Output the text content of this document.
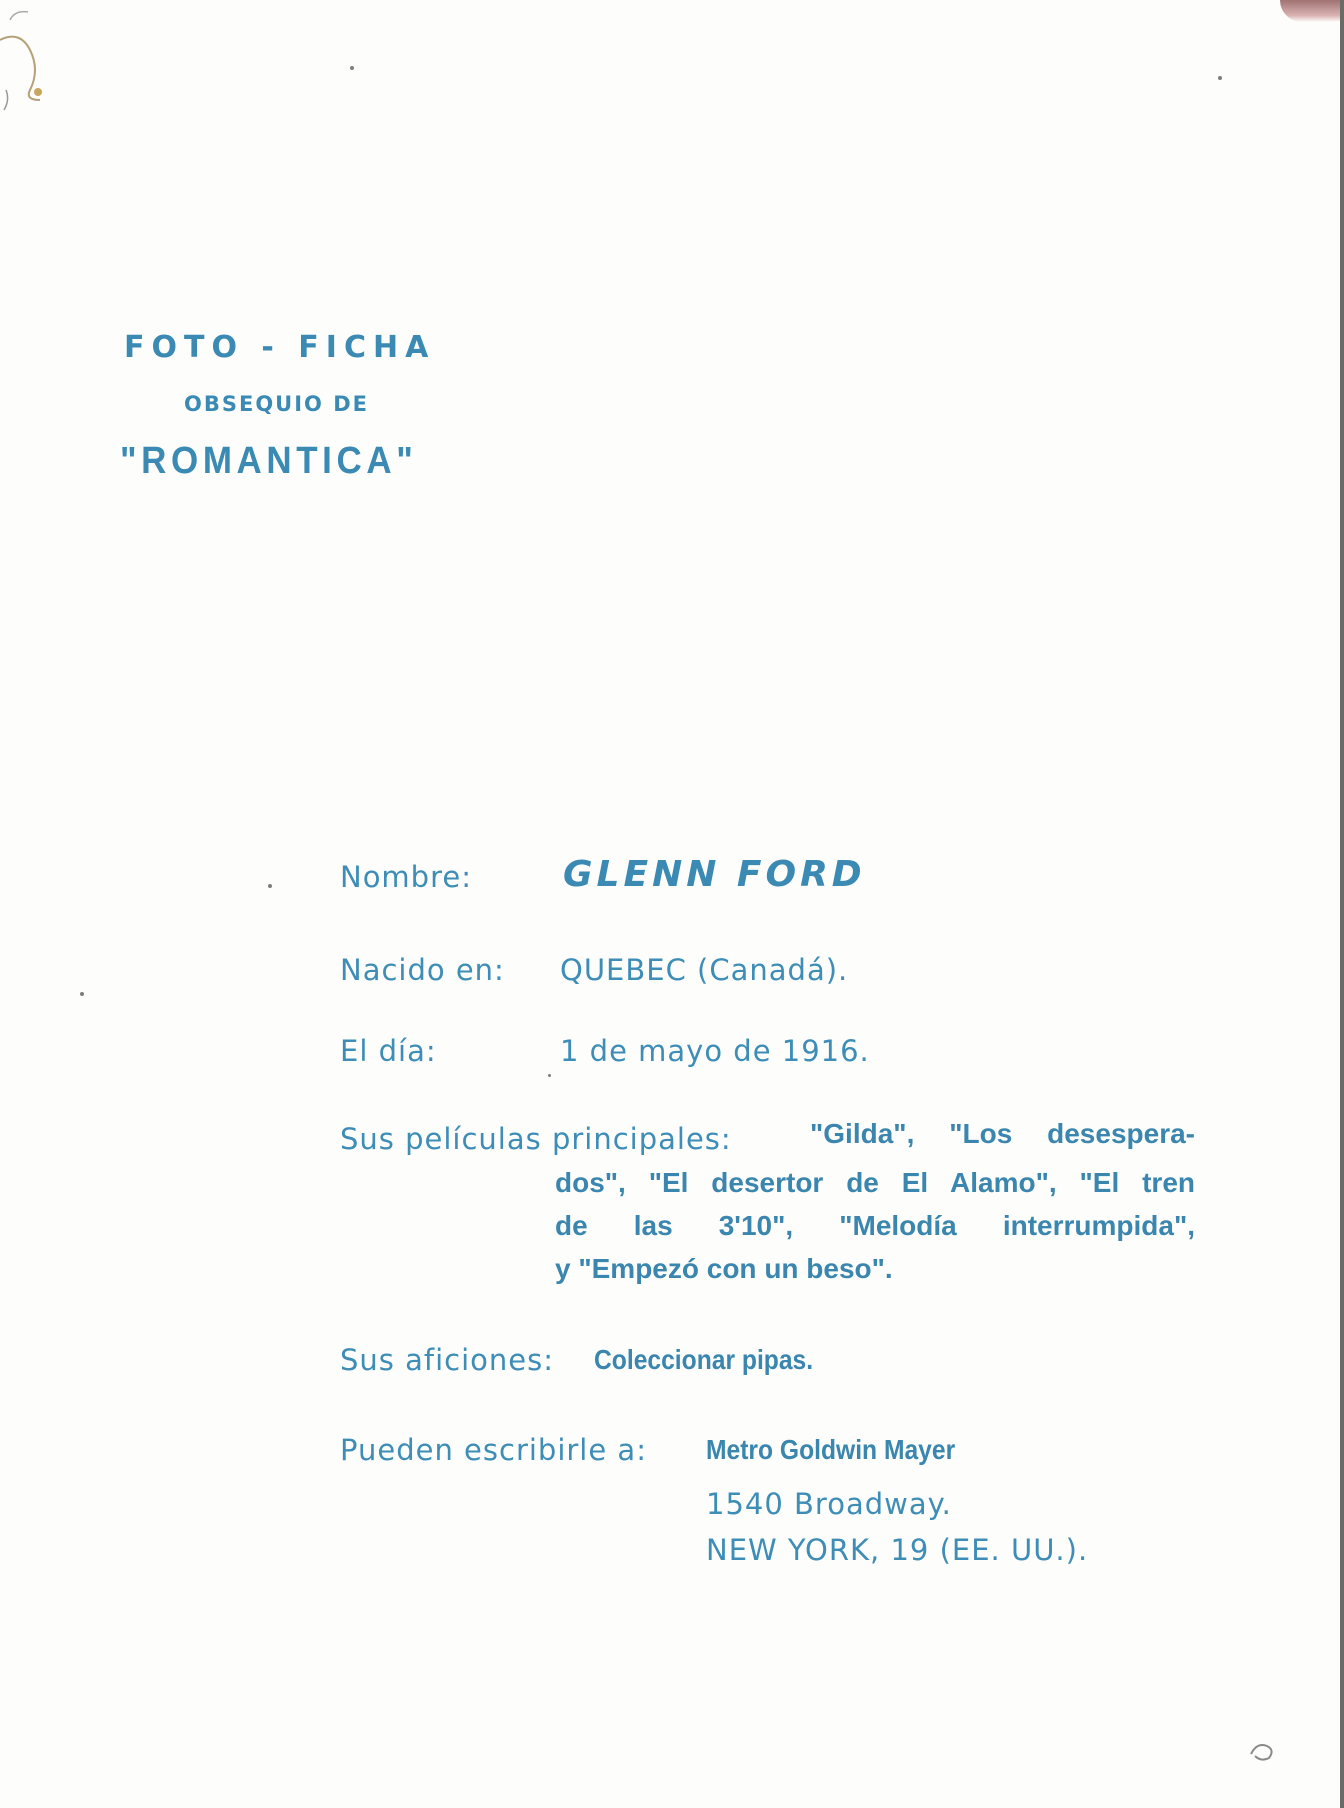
FOTO - FICHA
OBSEQUIO DE
"ROMANTICA"
Nombre:	GLENN FORD
Nacido en: QUEBEC (Canadá).
El día:	1 de mayo de 1916.
Sus películas principales:	"Gilda", "Los desespera-
dos", "El desertor de El Alamo", "El tren
de las 3'10", "Melodía interrumpida",
y "Empezó con un beso".
Sus aficiones: Coleccionar pipas.
Pueden escribirle a: Metro Goldwin Mayer
1540 Broadway.
NEW YORK, 19 (EE. UU.).
